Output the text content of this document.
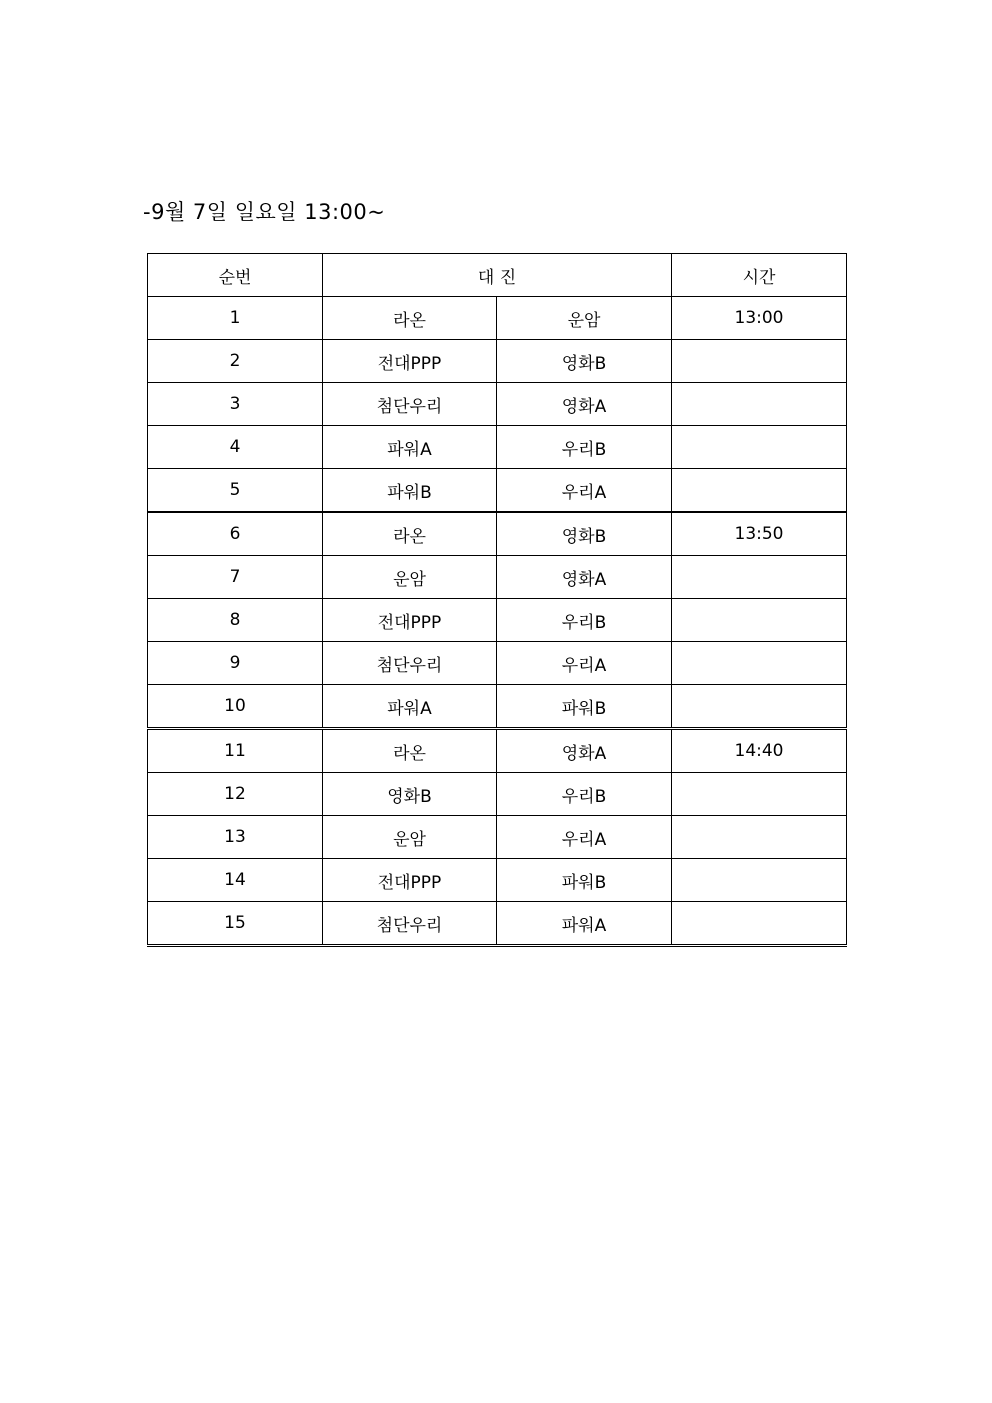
-9월 7일 일요일 13:00~
순번	대 진		시간
1	라온	운암	13:00
2	전대PPP	영화B	
3	첨단우리	영화A	
4	파워A	우리B	
5	파워B	우리A	
6	라온	영화B	13:50
7	운암	영화A	
8	전대PPP	우리B	
9	첨단우리	우리A	
10	파워A	파워B	
11	라온	영화A	14:40
12	영화B	우리B	
13	운암	우리A	
14	전대PPP	파워B	
15	첨단우리	파워A	
